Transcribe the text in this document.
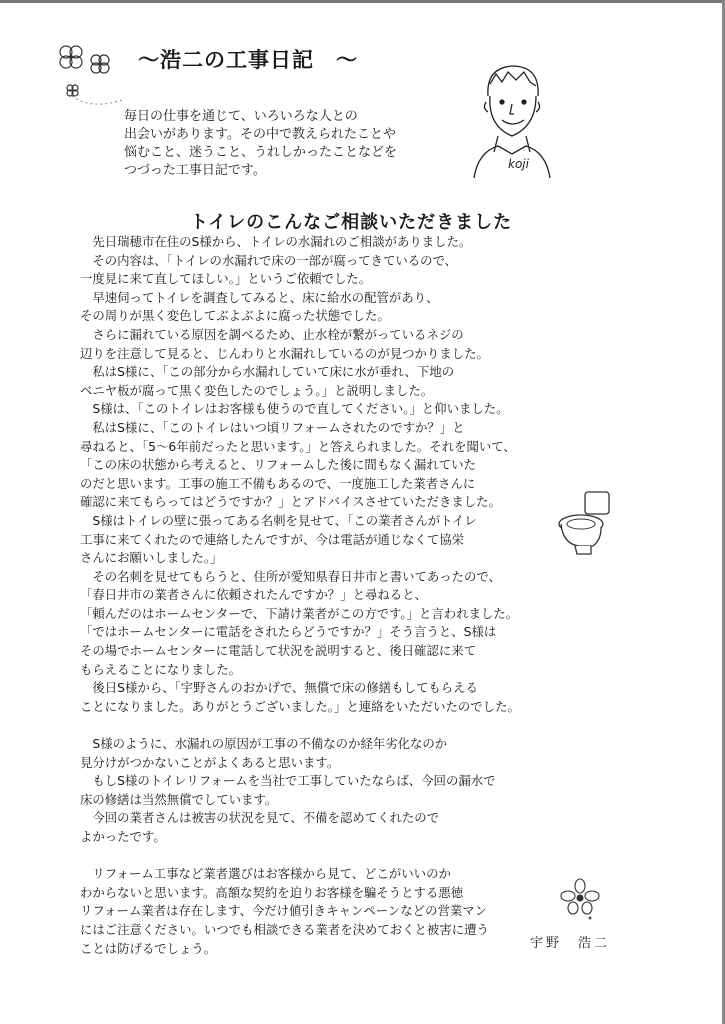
～浩二の工事日記　～
koji
毎日の仕事を通じて、いろいろな人との
出会いがあります。その中で教えられたことや
悩むこと、迷うこと、うれしかったことなどを
つづった工事日記です。
トイレのこんなご相談いただきました
　先日瑞穂市在住のS様から、トイレの水漏れのご相談がありました。
　その内容は、「トイレの水漏れで床の一部が腐ってきているので、
一度見に来て直してほしい。」というご依頼でした。
　早速伺ってトイレを調査してみると、床に給水の配管があり、
その周りが黒く変色してぶよぶよに腐った状態でした。
　さらに漏れている原因を調べるため、止水栓が繋がっているネジの
辺りを注意して見ると、じんわりと水漏れしているのが見つかりました。
　私はS様に、「この部分から水漏れしていて床に水が垂れ、下地の
ベニヤ板が腐って黒く変色したのでしょう。」と説明しました。
　S様は、「このトイレはお客様も使うので直してください。」と仰いました。
　私はS様に、「このトイレはいつ頃リフォームされたのですか？」と
尋ねると、「5～6年前だったと思います。」と答えられました。それを聞いて、
「この床の状態から考えると、リフォームした後に間もなく漏れていた
のだと思います。工事の施工不備もあるので、一度施工した業者さんに
確認に来てもらってはどうですか？」とアドバイスさせていただきました。
　S様はトイレの壁に張ってある名刺を見せて、「この業者さんがトイレ
工事に来てくれたので連絡したんですが、今は電話が通じなくて協栄
さんにお願いしました。」
　その名刺を見せてもらうと、住所が愛知県春日井市と書いてあったので、
「春日井市の業者さんに依頼されたんですか？」と尋ねると、
「頼んだのはホームセンターで、下請け業者がこの方です。」と言われました。
「ではホームセンターに電話をされたらどうですか？」そう言うと、S様は
その場でホームセンターに電話して状況を説明すると、後日確認に来て
もらえることになりました。
　後日S様から、「宇野さんのおかげで、無償で床の修繕もしてもらえる
ことになりました。ありがとうございました。」と連絡をいただいたのでした。
　S様のように、水漏れの原因が工事の不備なのか経年劣化なのか
見分けがつかないことがよくあると思います。
　もしS様のトイレリフォームを当社で工事していたならば、今回の漏水で
床の修繕は当然無償でしています。
　今回の業者さんは被害の状況を見て、不備を認めてくれたので
よかったです。
　リフォーム工事など業者選びはお客様から見て、どこがいいのか
わからないと思います。高額な契約を迫りお客様を騙そうとする悪徳
リフォーム業者は存在します、今だけ値引きキャンペーンなどの営業マン
にはご注意ください。いつでも相談できる業者を決めておくと被害に遭う
ことは防げるでしょう。	宇野　浩二
